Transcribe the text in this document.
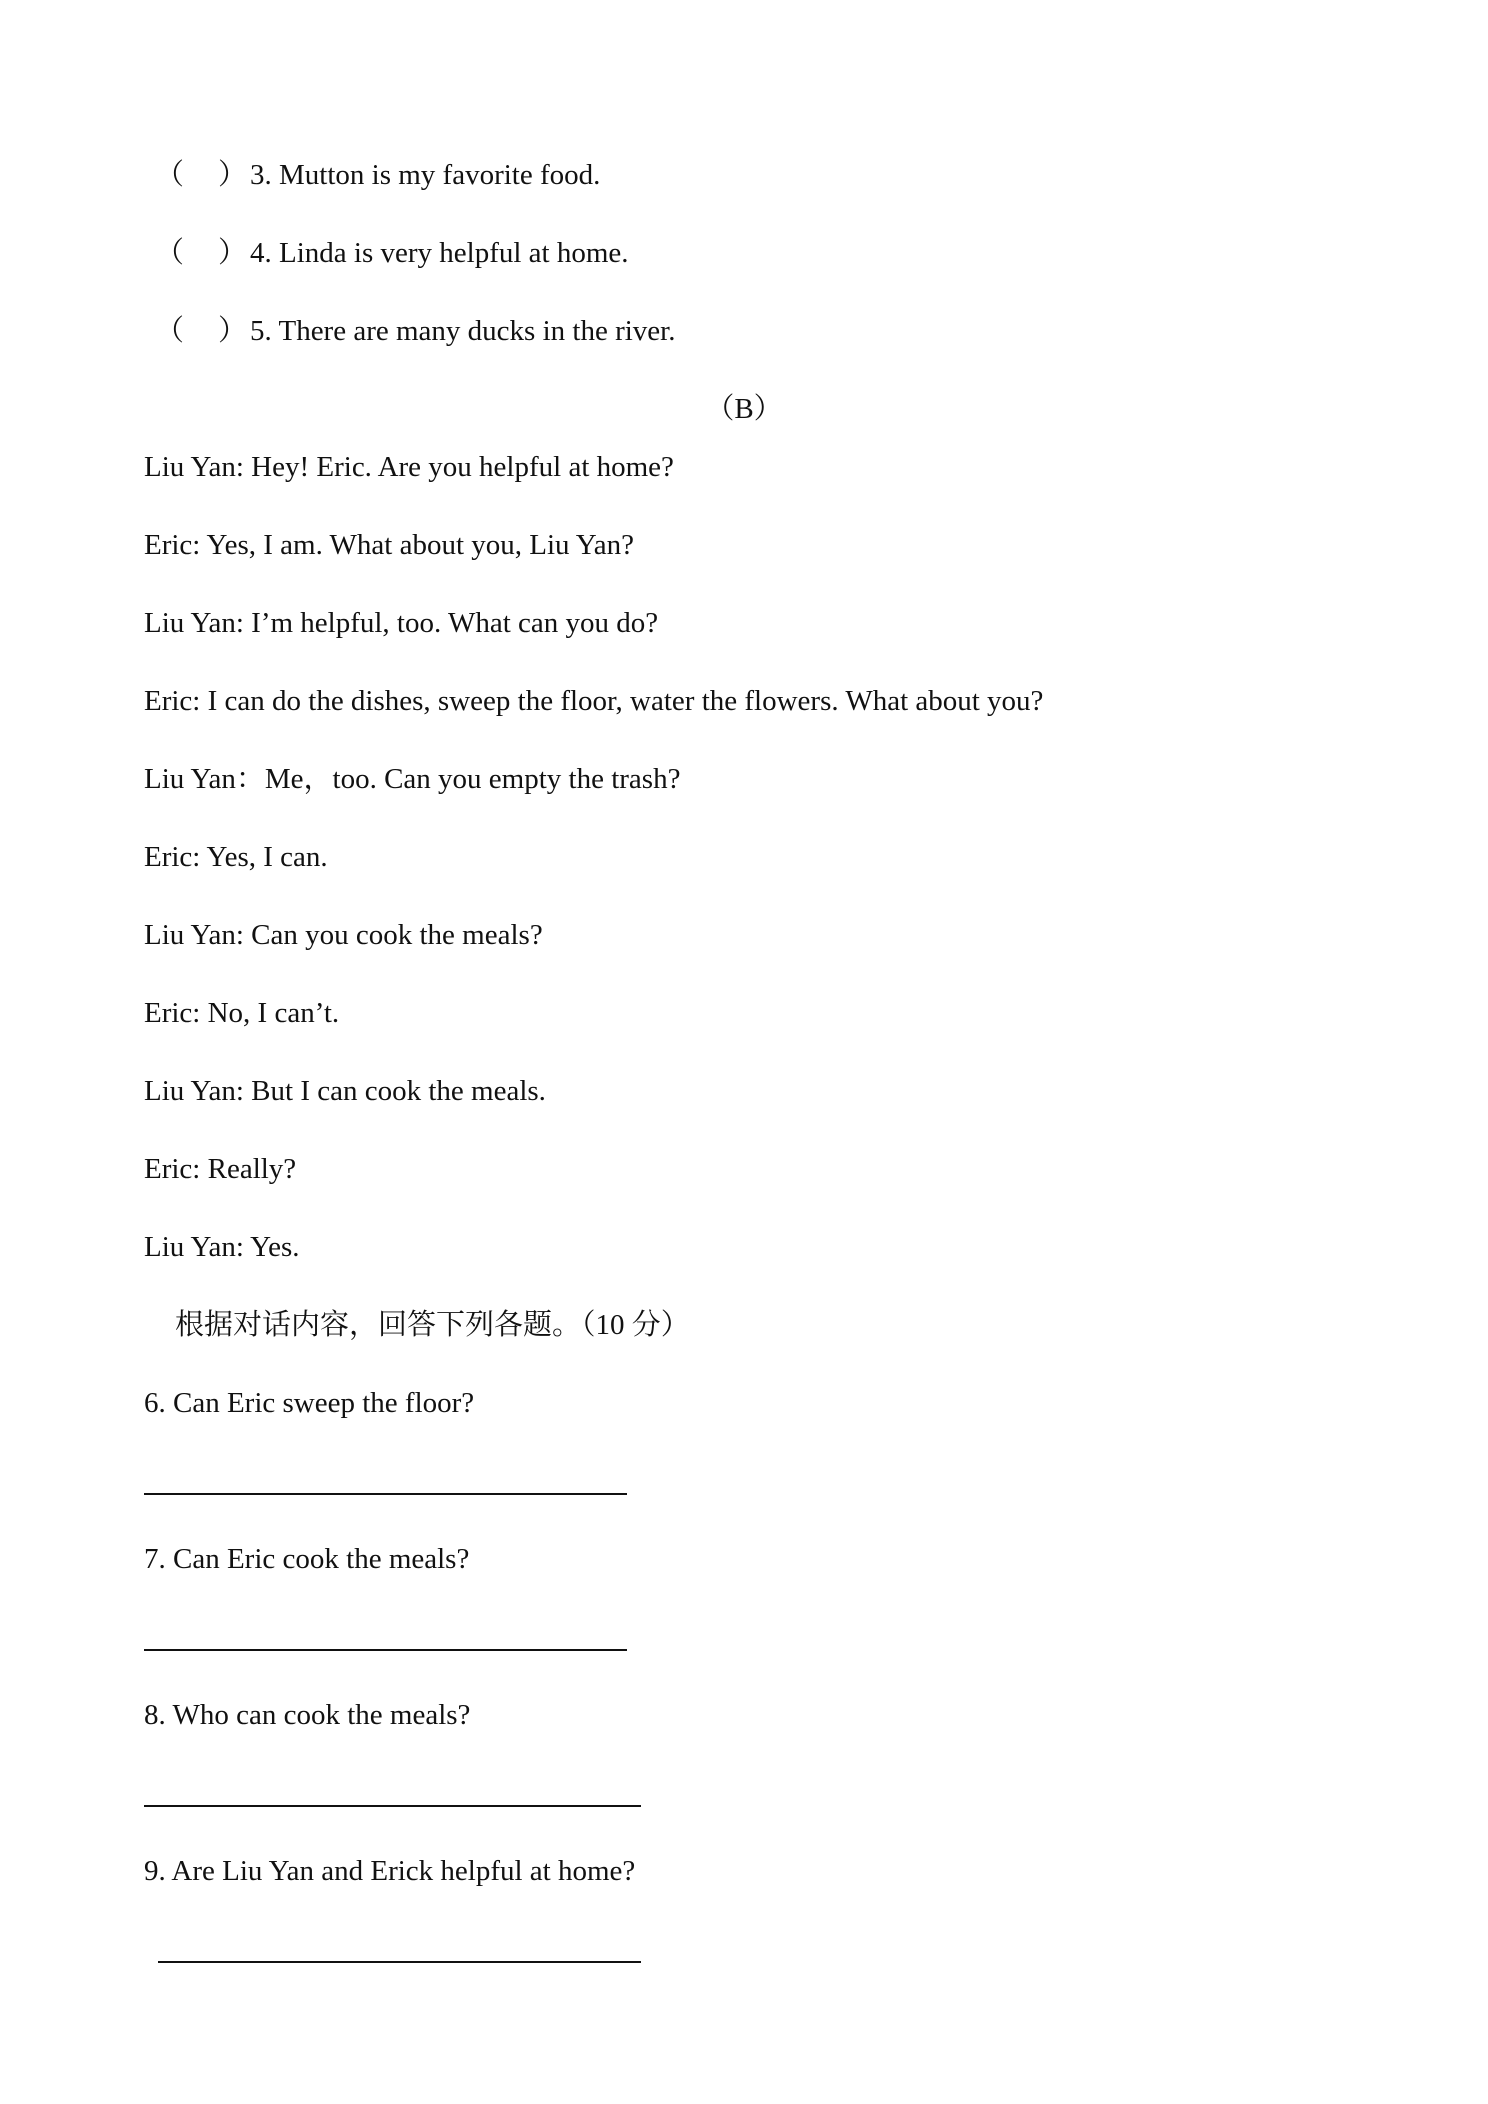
（ ） 3. Mutton is my favorite food.
（ ） 4. Linda is very helpful at home.
（ ） 5. There are many ducks in the river.
（B）
Liu Yan: Hey! Eric. Are you helpful at home?
Eric: Yes, I am. What about you, Liu Yan?
Liu Yan: I’m helpful, too. What can you do?
Eric: I can do the dishes, sweep the floor, water the flowers. What about you?
Liu Yan：Me，too. Can you empty the trash?
Eric: Yes, I can.
Liu Yan: Can you cook the meals?
Eric: No, I can’t.
Liu Yan: But I can cook the meals.
Eric: Really?
Liu Yan: Yes.
根据对话内容，回答下列各题。（10 分）
6. Can Eric sweep the floor?
7. Can Eric cook the meals?
8. Who can cook the meals?
9. Are Liu Yan and Erick helpful at home?
